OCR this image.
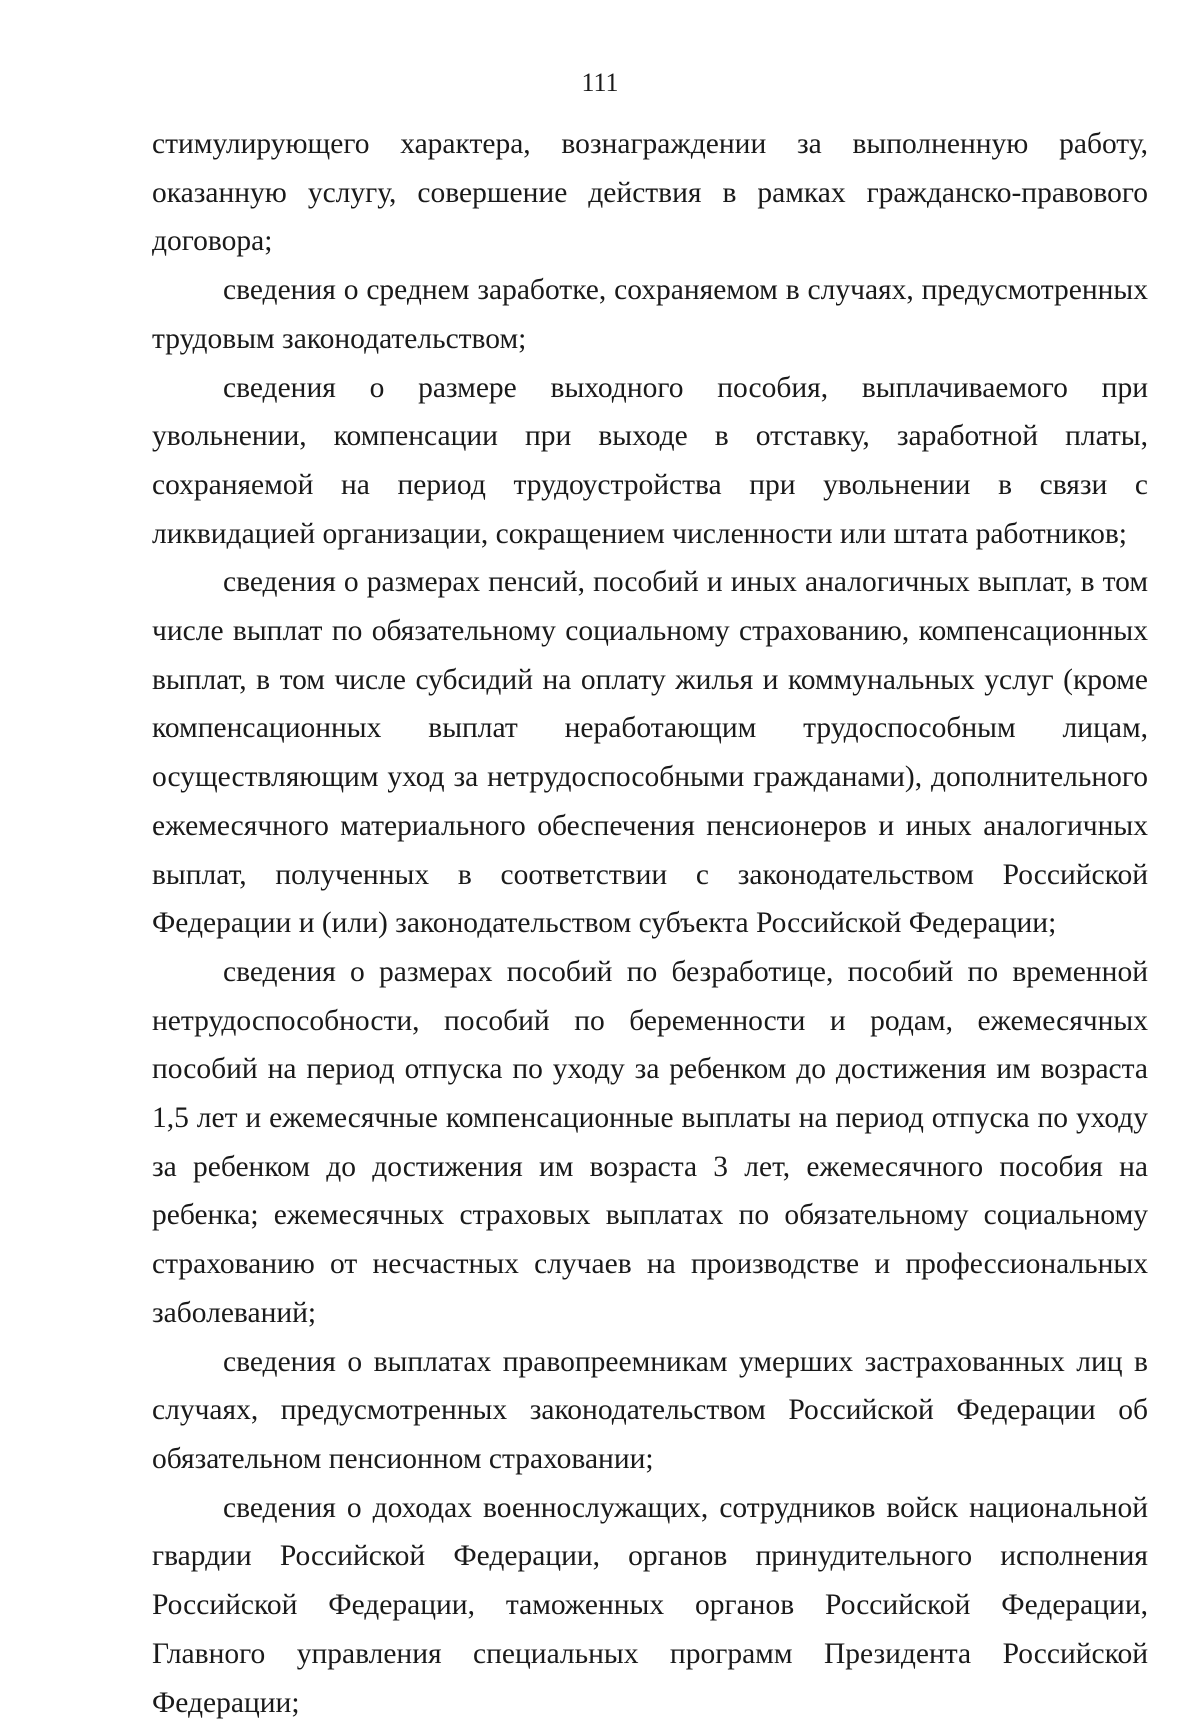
111

стимулирующего характера, вознаграждении за выполненную работу, оказанную услугу, совершение действия в рамках гражданско-правового договора;

сведения о среднем заработке, сохраняемом в случаях, предусмотренных трудовым законодательством;

сведения о размере выходного пособия, выплачиваемого при увольнении, компенсации при выходе в отставку, заработной платы, сохраняемой на период трудоустройства при увольнении в связи с ликвидацией организации, сокращением численности или штата работников;

сведения о размерах пенсий, пособий и иных аналогичных выплат, в том числе выплат по обязательному социальному страхованию, компенсационных выплат, в том числе субсидий на оплату жилья и коммунальных услуг (кроме компенсационных выплат неработающим трудоспособным лицам, осуществляющим уход за нетрудоспособными гражданами), дополнительного ежемесячного материального обеспечения пенсионеров и иных аналогичных выплат, полученных в соответствии с законодательством Российской Федерации и (или) законодательством субъекта Российской Федерации;

сведения о размерах пособий по безработице, пособий по временной нетрудоспособности, пособий по беременности и родам, ежемесячных пособий на период отпуска по уходу за ребенком до достижения им возраста 1,5 лет и ежемесячные компенсационные выплаты на период отпуска по уходу за ребенком до достижения им возраста 3 лет, ежемесячного пособия на ребенка; ежемесячных страховых выплатах по обязательному социальному страхованию от несчастных случаев на производстве и профессиональных заболеваний;

сведения о выплатах правопреемникам умерших застрахованных лиц в случаях, предусмотренных законодательством Российской Федерации об обязательном пенсионном страховании;

сведения о доходах военнослужащих, сотрудников войск национальной гвардии Российской Федерации, органов принудительного исполнения Российской Федерации, таможенных органов Российской Федерации, Главного управления специальных программ Президента Российской Федерации;
